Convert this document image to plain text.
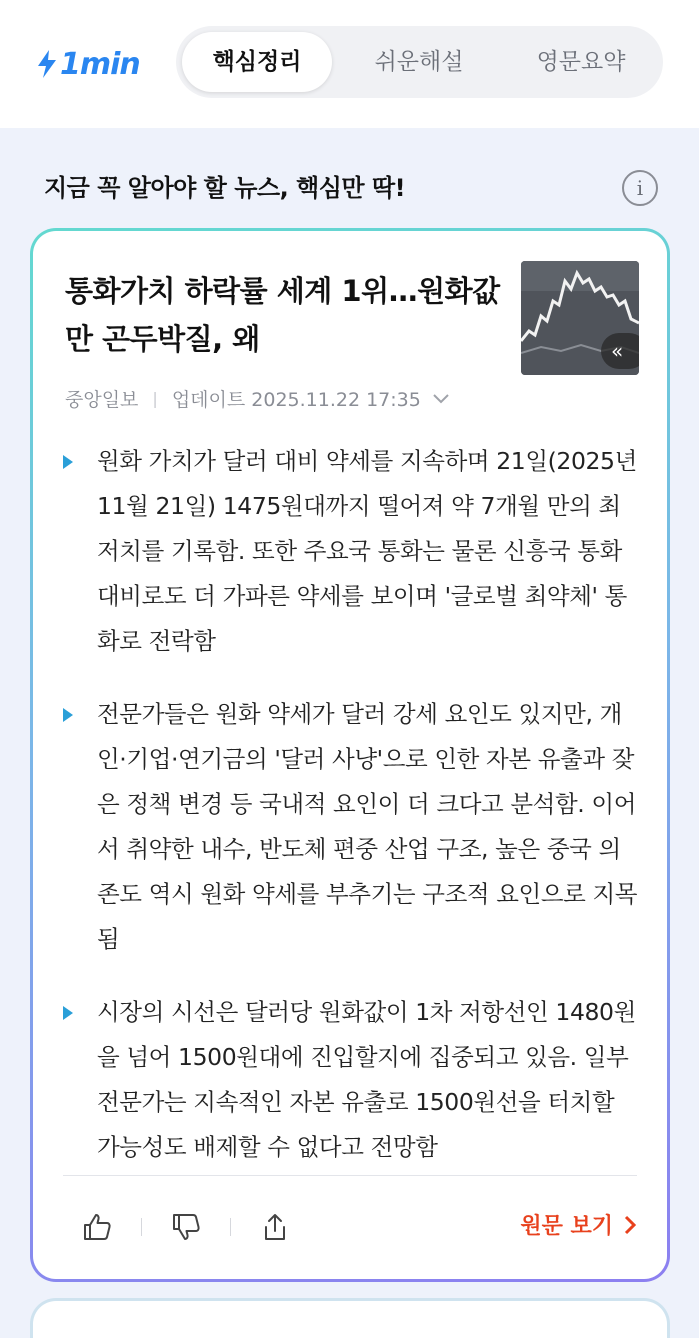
1min	핵심정리	쉬운해설	영문요약
지금 꼭 알아야 할 뉴스, 핵심만 딱!	i
통화가치 하락률 세계 1위…원화값만 곤두박질, 왜	«
중앙일보 | 업데이트 2025.11.22 17:35

원화 가치가 달러 대비 약세를 지속하며 21일(2025년 11월 21일) 1475원대까지 떨어져 약 7개월 만의 최저치를 기록함. 또한 주요국 통화는 물론 신흥국 통화 대비로도 더 가파른 약세를 보이며 '글로벌 최약체' 통화로 전락함

전문가들은 원화 약세가 달러 강세 요인도 있지만, 개인·기업·연기금의 '달러 사냥'으로 인한 자본 유출과 잦은 정책 변경 등 국내적 요인이 더 크다고 분석함. 이어서 취약한 내수, 반도체 편중 산업 구조, 높은 중국 의존도 역시 원화 약세를 부추기는 구조적 요인으로 지목됨

시장의 시선은 달러당 원화값이 1차 저항선인 1480원을 넘어 1500원대에 진입할지에 집중되고 있음. 일부 전문가는 지속적인 자본 유출로 1500원선을 터치할 가능성도 배제할 수 없다고 전망함

원문 보기
